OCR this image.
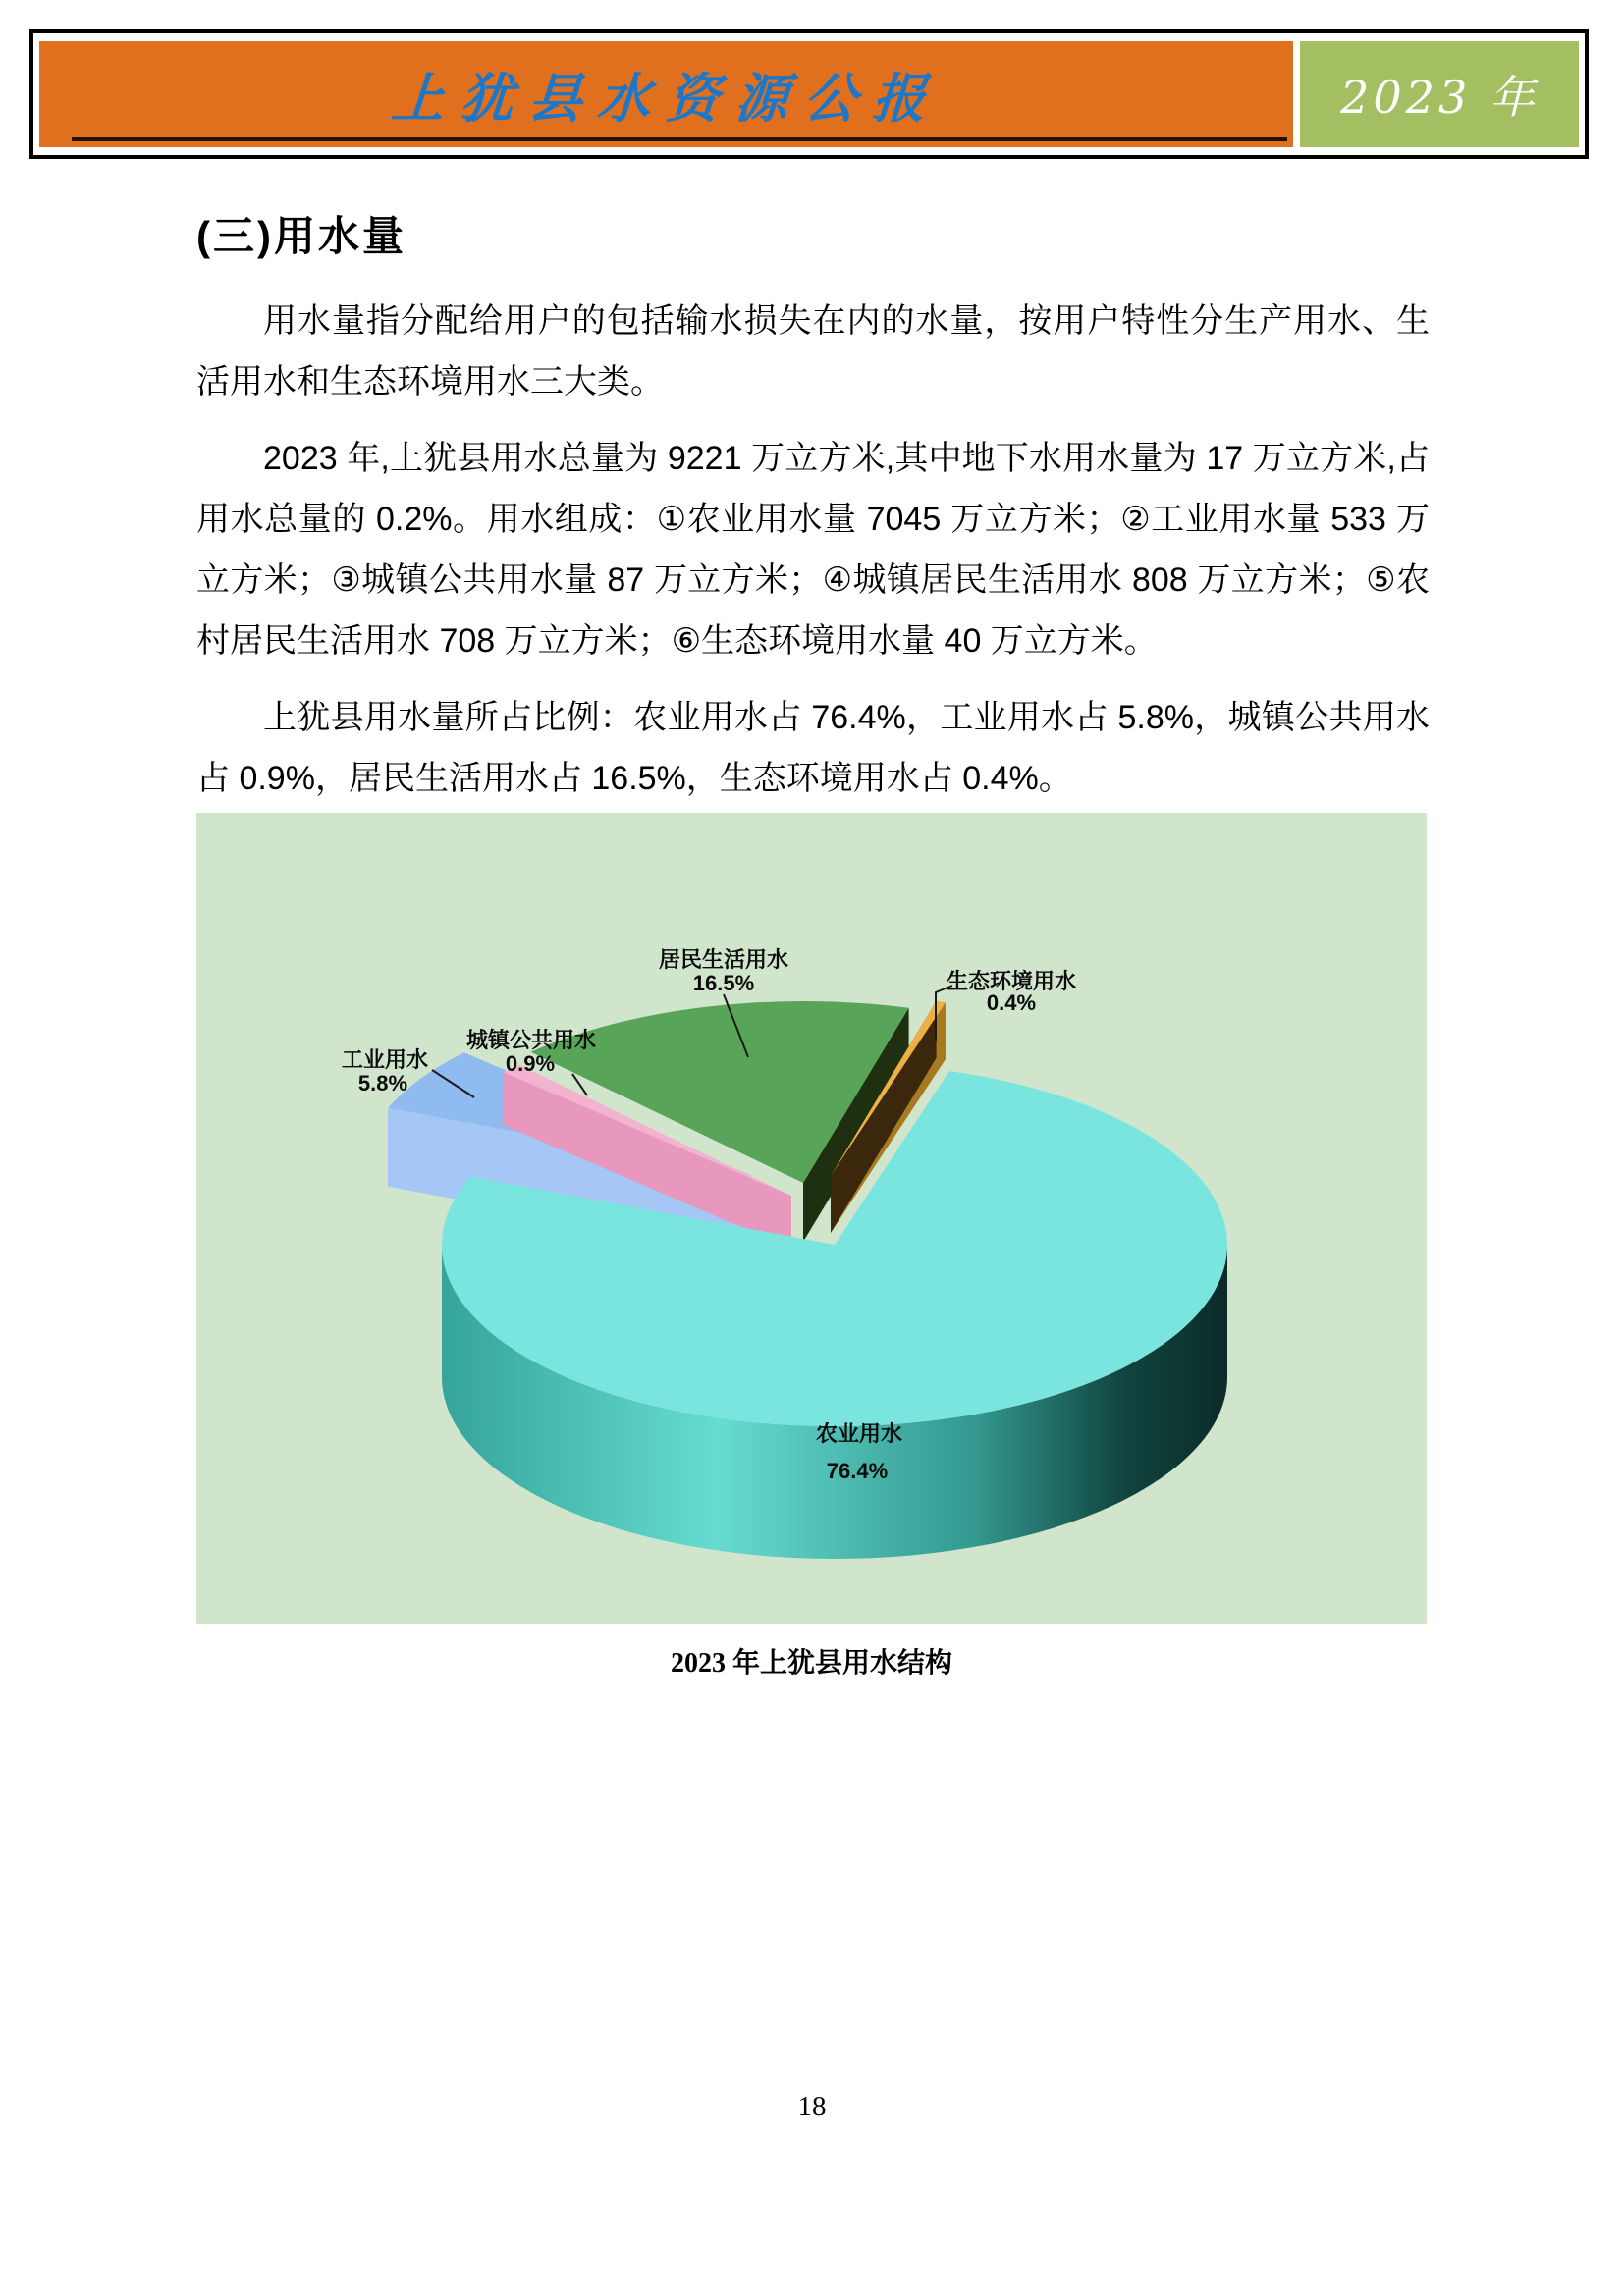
上犹县水资源公报	2023 年
(三)用水量

用水量指分配给用户的包括输水损失在内的水量，按用户特性分生产用水、生活用水和生态环境用水三大类。

2023 年,上犹县用水总量为 9221 万立方米,其中地下水用水量为 17 万立方米,占用水总量的 0.2%。用水组成：①农业用水量 7045 万立方米；②工业用水量 533 万立方米；③城镇公共用水量 87 万立方米；④城镇居民生活用水 808 万立方米；⑤农村居民生活用水 708 万立方米；⑥生态环境用水量 40 万立方米。

上犹县用水量所占比例：农业用水占 76.4%，工业用水占 5.8%，城镇公共用水占 0.9%，居民生活用水占 16.5%，生态环境用水占 0.4%。

工业用水
5.8%
城镇公共用水
0.9%
居民生活用水
16.5%	生态环境用水
0.4%
农业用水
76.4%
2023 年上犹县用水结构
18
